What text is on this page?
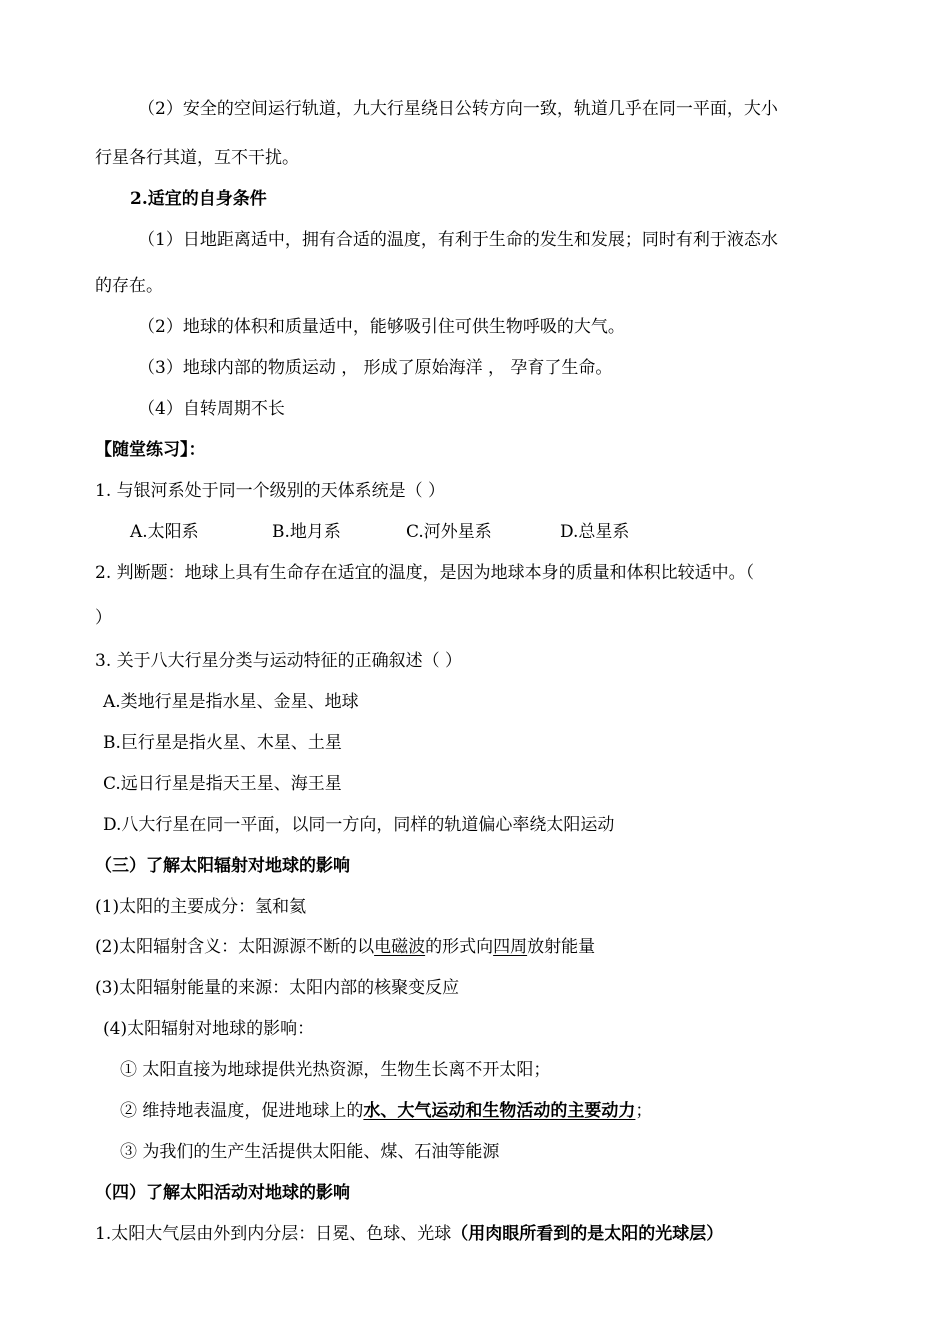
（2）安全的空间运行轨道，九大行星绕日公转方向一致，轨道几乎在同一平面，大小
行星各行其道，互不干扰。
2.适宜的自身条件
（1）日地距离适中，拥有合适的温度，有利于生命的发生和发展；同时有利于液态水
的存在。
（2）地球的体积和质量适中，能够吸引住可供生物呼吸的大气。
（3）地球内部的物质运动 ， 形成了原始海洋 ， 孕育了生命。
（4）自转周期不长
【随堂练习】：
1. 与银河系处于同一个级别的天体系统是（ ）
A.太阳系	B.地月系	C.河外星系	D.总星系
2. 判断题：地球上具有生命存在适宜的温度，是因为地球本身的质量和体积比较适中。（
）
3. 关于八大行星分类与运动特征的正确叙述（ ）
A.类地行星是指水星、金星、地球
B.巨行星是指火星、木星、土星
C.远日行星是指天王星、海王星
D.八大行星在同一平面，以同一方向，同样的轨道偏心率绕太阳运动
（三）了解太阳辐射对地球的影响
(1)太阳的主要成分：氢和氦
(2)太阳辐射含义：太阳源源不断的以电磁波的形式向四周放射能量
(3)太阳辐射能量的来源：太阳内部的核聚变反应
(4)太阳辐射对地球的影响：
① 太阳直接为地球提供光热资源，生物生长离不开太阳；
② 维持地表温度，促进地球上的水、大气运动和生物活动的主要动力；
③ 为我们的生产生活提供太阳能、煤、石油等能源
（四）了解太阳活动对地球的影响
1.太阳大气层由外到内分层：日冕、色球、光球（用肉眼所看到的是太阳的光球层）
